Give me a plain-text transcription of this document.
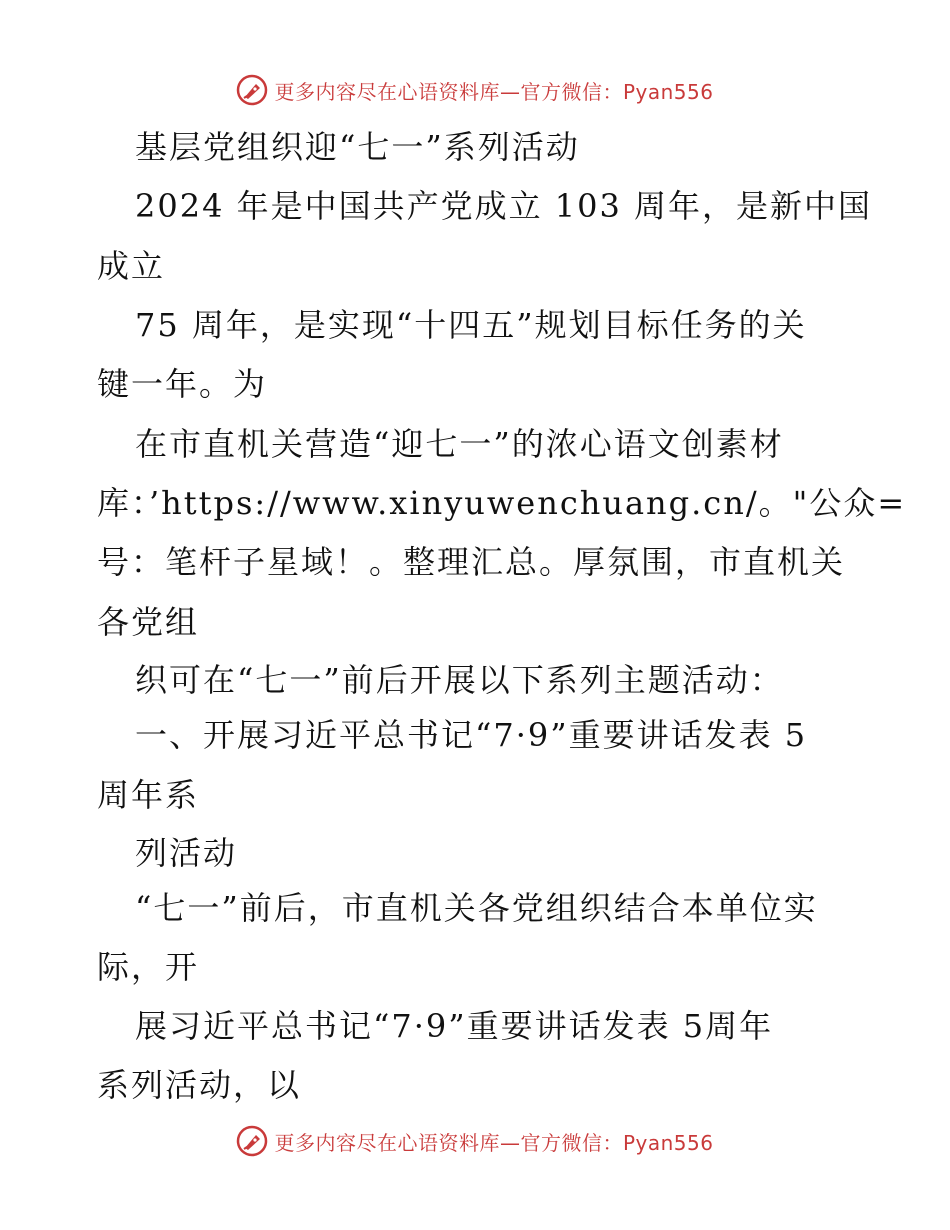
更多内容尽在心语资料库—官方微信：Pyan556
基层党组织迎“七一”系列活动
2024 年是中国共产党成立 103 周年，是新中国
成立
75 周年，是实现“十四五”规划目标任务的关
键一年。为
在市直机关营造“迎七一”的浓心语文创素材
库：’https://www.xinyuwenchuang.cn/。"公众=
号：笔杆子星域！。整理汇总。厚氛围，市直机关
各党组
织可在“七一”前后开展以下系列主题活动：
一、开展习近平总书记“7·9”重要讲话发表 5
周年系
列活动
“七一”前后，市直机关各党组织结合本单位实
际，开
展习近平总书记“7·9”重要讲话发表 5周年
系列活动，以
更多内容尽在心语资料库—官方微信：Pyan556
